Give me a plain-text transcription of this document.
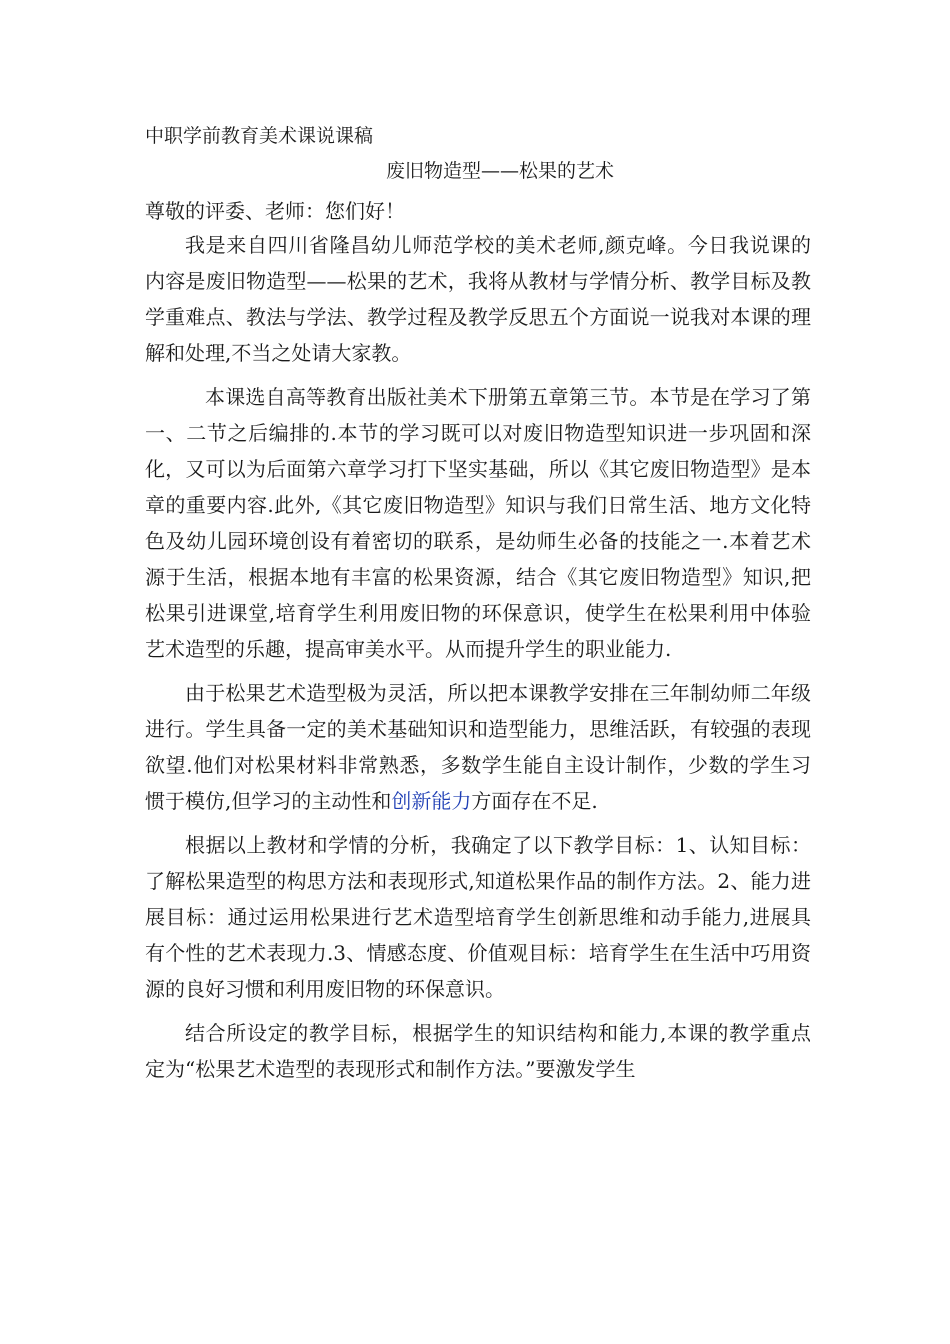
中职学前教育美术课说课稿
废旧物造型——松果的艺术
尊敬的评委、老师：您们好！

我是来自四川省隆昌幼儿师范学校的美术老师,颜克峰。今日我说课的内容是废旧物造型——松果的艺术，我将从教材与学情分析、教学目标及教学重难点、教法与学法、教学过程及教学反思五个方面说一说我对本课的理解和处理,不当之处请大家教。

本课选自高等教育出版社美术下册第五章第三节。本节是在学习了第一、二节之后编排的.本节的学习既可以对废旧物造型知识进一步巩固和深化，又可以为后面第六章学习打下坚实基础，所以《其它废旧物造型》是本章的重要内容.此外,《其它废旧物造型》知识与我们日常生活、地方文化特色及幼儿园环境创设有着密切的联系，是幼师生必备的技能之一.本着艺术源于生活，根据本地有丰富的松果资源，结合《其它废旧物造型》知识,把松果引进课堂,培育学生利用废旧物的环保意识，使学生在松果利用中体验艺术造型的乐趣，提高审美水平。从而提升学生的职业能力.

由于松果艺术造型极为灵活，所以把本课教学安排在三年制幼师二年级进行。学生具备一定的美术基础知识和造型能力，思维活跃，有较强的表现欲望.他们对松果材料非常熟悉，多数学生能自主设计制作，少数的学生习惯于模仿,但学习的主动性和创新能力方面存在不足.

根据以上教材和学情的分析，我确定了以下教学目标：1、认知目标：了解松果造型的构思方法和表现形式,知道松果作品的制作方法。2、能力进展目标：通过运用松果进行艺术造型培育学生创新思维和动手能力,进展具有个性的艺术表现力.3、情感态度、价值观目标：培育学生在生活中巧用资源的良好习惯和利用废旧物的环保意识。

结合所设定的教学目标，根据学生的知识结构和能力,本课的教学重点定为“松果艺术造型的表现形式和制作方法。”要激发学生
